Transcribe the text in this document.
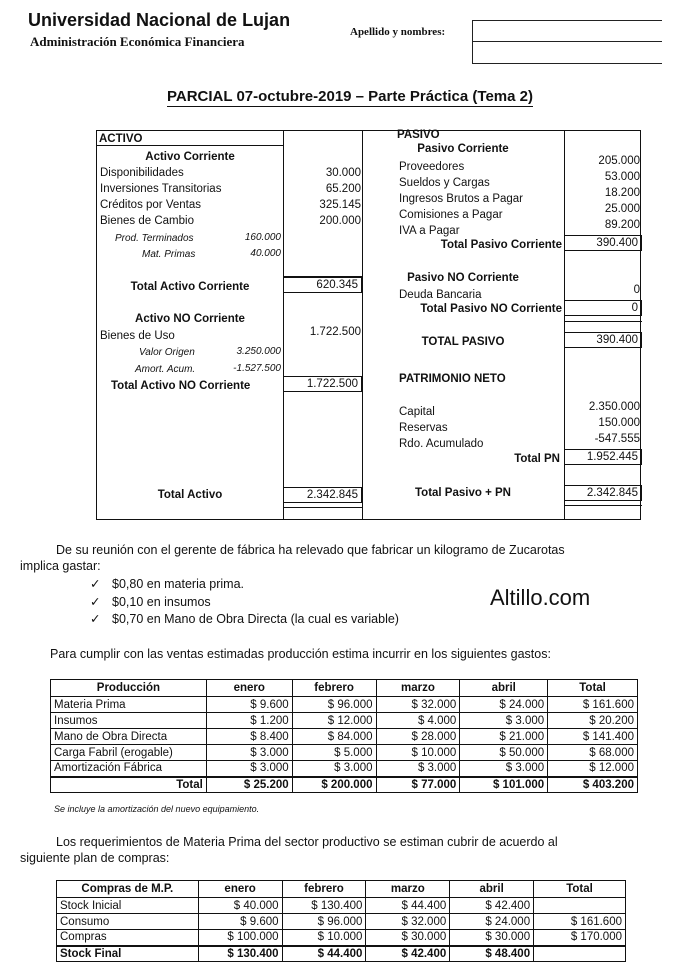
Universidad Nacional de Lujan
Administración Económica Financiera
Apellido y nombres:
PARCIAL 07-octubre-2019 – Parte Práctica (Tema 2)
ACTIVO
Activo Corriente
Disponibilidades	30.000
Inversiones Transitorias	65.200
Créditos por Ventas	325.145
Bienes de Cambio	200.000
Prod. Terminados	160.000
Mat. Primas	40.000
Total Activo Corriente	620.345
Activo NO Corriente
Bienes de Uso	1.722.500
Valor Origen	3.250.000
Amort. Acum.	-1.527.500
Total Activo NO Corriente	1.722.500
Total Activo	2.342.845
PASIVO
Pasivo Corriente
Proveedores	205.000
Sueldos y Cargas	53.000
Ingresos Brutos a Pagar	18.200
Comisiones a Pagar	25.000
IVA a Pagar	89.200
Total Pasivo Corriente	390.400
Pasivo NO Corriente
Deuda Bancaria	0
Total Pasivo NO Corriente	0
TOTAL PASIVO	390.400
PATRIMONIO NETO
Capital	2.350.000
Reservas	150.000
Rdo. Acumulado	-547.555
Total PN	1.952.445
Total Pasivo + PN	2.342.845
De su reunión con el gerente de fábrica ha relevado que fabricar un kilogramo de Zucarotas
implica gastar:
✓ $0,80 en materia prima.
✓ $0,10 en insumos
✓ $0,70 en Mano de Obra Directa (la cual es variable)
Altillo.com
Para cumplir con las ventas estimadas producción estima incurrir en los siguientes gastos:
Producción	enero	febrero	marzo	abril	Total
Materia Prima	$ 9.600	$ 96.000	$ 32.000	$ 24.000	$ 161.600
Insumos	$ 1.200	$ 12.000	$ 4.000	$ 3.000	$ 20.200
Mano de Obra Directa	$ 8.400	$ 84.000	$ 28.000	$ 21.000	$ 141.400
Carga Fabril (erogable)	$ 3.000	$ 5.000	$ 10.000	$ 50.000	$ 68.000
Amortización Fábrica	$ 3.000	$ 3.000	$ 3.000	$ 3.000	$ 12.000
Total	$ 25.200	$ 200.000	$ 77.000	$ 101.000	$ 403.200
Se incluye la amortización del nuevo equipamiento.
Los requerimientos de Materia Prima del sector productivo se estiman cubrir de acuerdo al
siguiente plan de compras:
Compras de M.P.	enero	febrero	marzo	abril	Total
Stock Inicial	$ 40.000	$ 130.400	$ 44.400	$ 42.400	
Consumo	$ 9.600	$ 96.000	$ 32.000	$ 24.000	$ 161.600
Compras	$ 100.000	$ 10.000	$ 30.000	$ 30.000	$ 170.000
Stock Final	$ 130.400	$ 44.400	$ 42.400	$ 48.400	
